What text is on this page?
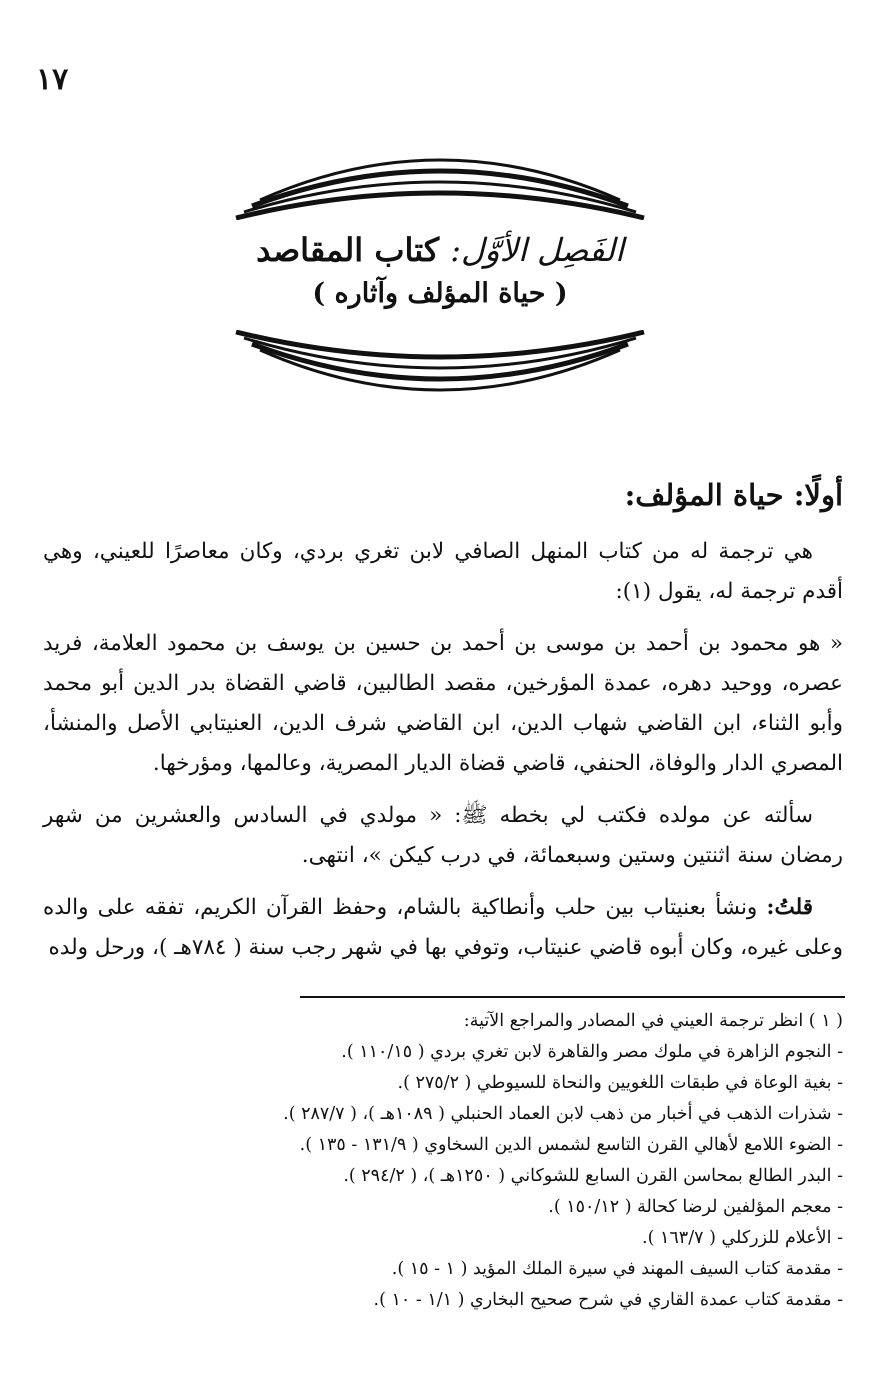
١٧
الفَصِل الأوَّل: كتاب المقاصد
( حياة المؤلف وآثاره )
أولًا: حياة المؤلف:

هي ترجمة له من كتاب المنهل الصافي لابن تغري بردي، وكان معاصرًا للعيني، وهي أقدم ترجمة له، يقول (١):

« هو محمود بن أحمد بن موسى بن أحمد بن حسين بن يوسف بن محمود العلامة، فريد عصره، ووحيد دهره، عمدة المؤرخين، مقصد الطالبين، قاضي القضاة بدر الدين أبو محمد وأبو الثناء، ابن القاضي شهاب الدين، ابن القاضي شرف الدين، العنيتابي الأصل والمنشأ، المصري الدار والوفاة، الحنفي، قاضي قضاة الديار المصرية، وعالمها، ومؤرخها.

سألته عن مولده فكتب لي بخطه ﷺ: « مولدي في السادس والعشرين من شهر رمضان سنة اثنتين وستين وسبعمائة، في درب كيكن »، انتهى.

قلتُ: ونشأ بعنيتاب بين حلب وأنطاكية بالشام، وحفظ القرآن الكريم، تفقه على والده وعلى غيره، وكان أبوه قاضي عنيتاب، وتوفي بها في شهر رجب سنة ( ٧٨٤هـ )، ورحل ولده

( ١ ) انظر ترجمة العيني في المصادر والمراجع الآتية:
- النجوم الزاهرة في ملوك مصر والقاهرة لابن تغري بردي ( ١١٠/١٥ ).
- بغية الوعاة في طبقات اللغويين والنحاة للسيوطي ( ٢٧٥/٢ ).
- شذرات الذهب في أخبار من ذهب لابن العماد الحنبلي ( ١٠٨٩هـ )، ( ٢٨٧/٧ ).
- الضوء اللامع لأهالي القرن التاسع لشمس الدين السخاوي ( ١٣١/٩ - ١٣٥ ).
- البدر الطالع بمحاسن القرن السابع للشوكاني ( ١٢٥٠هـ )، ( ٢٩٤/٢ ).
- معجم المؤلفين لرضا كحالة ( ١٥٠/١٢ ).
- الأعلام للزركلي ( ١٦٣/٧ ).
- مقدمة كتاب السيف المهند في سيرة الملك المؤيد ( ١ - ١٥ ).
- مقدمة كتاب عمدة القاري في شرح صحيح البخاري ( ١/١ - ١٠ ).
